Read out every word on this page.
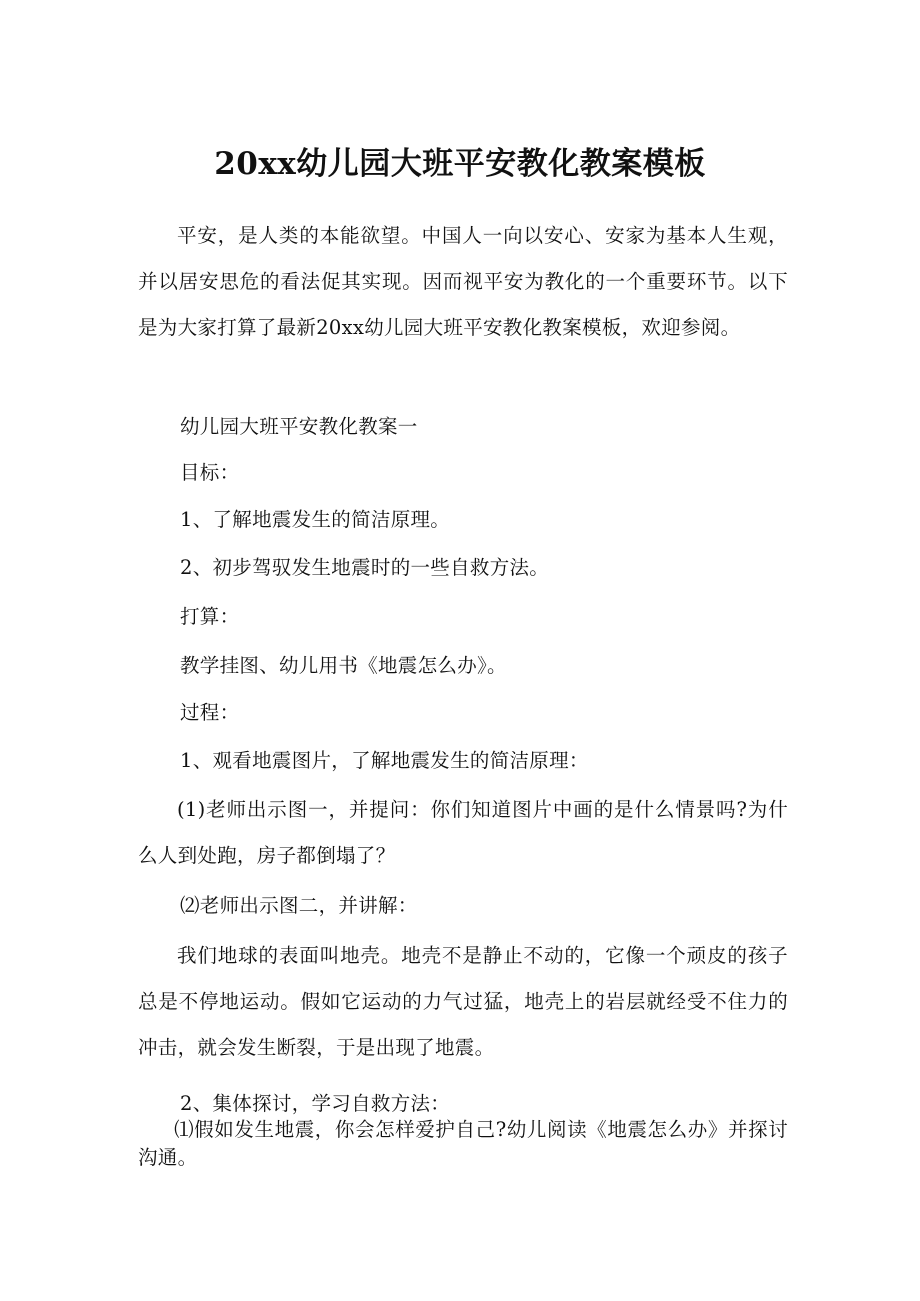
20xx幼儿园大班平安教化教案模板
平安，是人类的本能欲望。中国人一向以安心、安家为基本人生观，并以居安思危的看法促其实现。因而视平安为教化的一个重要环节。以下是为大家打算了最新20xx幼儿园大班平安教化教案模板，欢迎参阅。
幼儿园大班平安教化教案一
目标：
1、了解地震发生的简洁原理。
2、初步驾驭发生地震时的一些自救方法。
打算：
教学挂图、幼儿用书《地震怎么办》。
过程：
1、观看地震图片，了解地震发生的简洁原理：
(1)老师出示图一，并提问：你们知道图片中画的是什么情景吗?为什么人到处跑，房子都倒塌了？
⑵老师出示图二，并讲解：
我们地球的表面叫地壳。地壳不是静止不动的，它像一个顽皮的孩子总是不停地运动。假如它运动的力气过猛，地壳上的岩层就经受不住力的冲击，就会发生断裂，于是出现了地震。
2、集体探讨，学习自救方法：
⑴假如发生地震，你会怎样爱护自己?幼儿阅读《地震怎么办》并探讨沟通。
